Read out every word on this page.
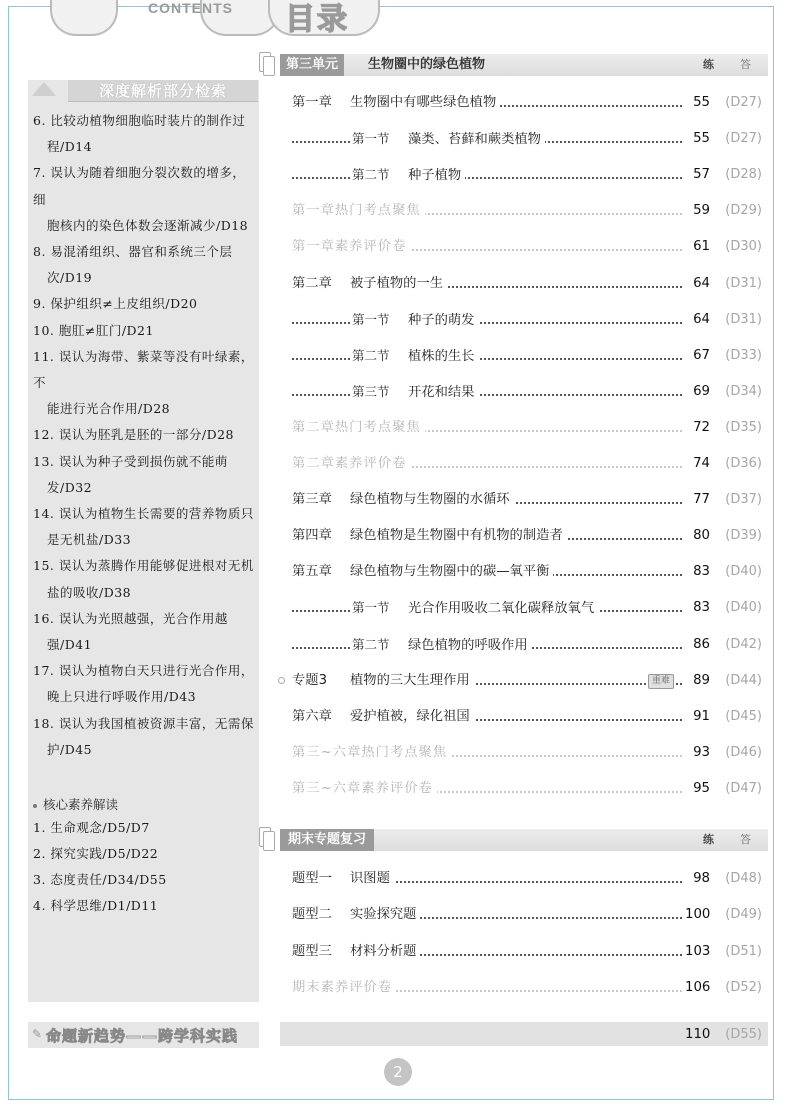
CONTENTS 目录
深度解析部分检索
6. 比较动植物细胞临时装片的制作过
程/D14
7. 误认为随着细胞分裂次数的增多，细
胞核内的染色体数会逐渐减少/D18
8. 易混淆组织、器官和系统三个层
次/D19
9. 保护组织≠上皮组织/D20
10. 胞肛≠肛门/D21
11. 误认为海带、紫菜等没有叶绿素，不
能进行光合作用/D28
12. 误认为胚乳是胚的一部分/D28
13. 误认为种子受到损伤就不能萌
发/D32
14. 误认为植物生长需要的营养物质只
是无机盐/D33
15. 误认为蒸腾作用能够促进根对无机
盐的吸收/D38
16. 误认为光照越强，光合作用越
强/D41
17. 误认为植物白天只进行光合作用，
晚上只进行呼吸作用/D43
18. 误认为我国植被资源丰富，无需保
护/D45
核心素养解读
1. 生命观念/D5/D7
2. 探究实践/D5/D22
3. 态度责任/D34/D55
4. 科学思维/D1/D11
✎ 命题新趋势——跨学科实践
第三单元	生物圈中的绿色植物	练 答
第一章 生物圈中有哪些绿色植物	55	(D27)
第一节 藻类、苔藓和蕨类植物	55	(D27)
第二节 种子植物	57	(D28)
第一章热门考点聚焦	59	(D29)
第一章素养评价卷	61	(D30)
第二章 被子植物的一生	64	(D31)
第一节 种子的萌发	64	(D31)
第二节 植株的生长	67	(D33)
第三节 开花和结果	69	(D34)
第二章热门考点聚焦	72	(D35)
第二章素养评价卷	74	(D36)
第三章 绿色植物与生物圈的水循环	77	(D37)
第四章 绿色植物是生物圈中有机物的制造者	80	(D39)
第五章 绿色植物与生物圈中的碳—氧平衡	83	(D40)
第一节 光合作用吸收二氧化碳释放氧气	83	(D40)
第二节 绿色植物的呼吸作用	86	(D42)
专题3 植物的三大生理作用	重难	89	(D44)
第六章 爱护植被，绿化祖国	91	(D45)
第三~六章热门考点聚焦	93	(D46)
第三~六章素养评价卷	95	(D47)
期末专题复习	练 答
题型一 识图题	98	(D48)
题型二 实验探究题	100	(D49)
题型三 材料分析题	103	(D51)
期末素养评价卷	106	(D52)
110	(D55)
2
